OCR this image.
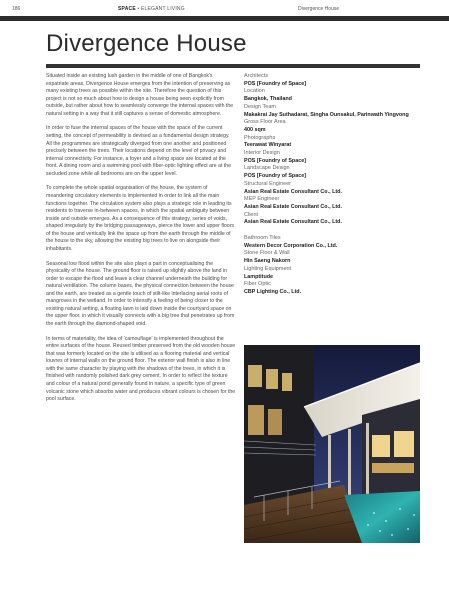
186	SPACE • ELEGANT LIVING	Divergence House
Divergence House

Situated inside an existing lush garden in the middle of one of Bangkok's expatriate areas, Divergence House emerges from the intention of preserving as many existing trees as possible within the site. Therefore the question of this project is not so much about how to design a house being seen explicitly from outside, but rather about how to seamlessly converge the internal spaces with the natural setting in a way that it still captures a sense of domestic atmosphere.

In order to fuse the internal spaces of the house with the space of the current setting, the concept of permeability is devised as a fundamental design strategy. All the programmes are strategically diverged from one another and positioned precisely between the trees. Their locations depend on the level of privacy and internal connectivity. For instance, a foyer and a living space are located at the front. A dining room and a swimming pool with fiber-optic lighting effect are at the secluded zone while all bedrooms are on the upper level.

To complete the whole spatial organisation of the house, the system of meandering circulatory elements is implemented in order to link all the main functions together. The circulation system also plays a strategic role in leading its residents to traverse in-between spaces, in which the spatial ambiguity between inside and outside emerges. As a consequence of this strategy, series of voids, shaped irregularly by the bridging passageways, pierce the lower and upper floors of the house and vertically link the space up from the earth through the middle of the house to the sky, allowing the existing big trees to live on alongside their inhabitants.

Seasonal low flood within the site also plays a part in conceptualising the physicality of the house. The ground floor is raised up slightly above the land in order to escape the flood and leave a clear channel underneath the building for natural ventilation. The column bases, the physical connection between the house and the earth, are treated as a gentle touch of stilt-like interlacing aerial roots of mangroves in the wetland. In order to intensify a feeling of being closer to the existing natural setting, a floating lawn is laid down inside the courtyard space on the upper floor, in which it visually connects with a big tree that penetrates up from the earth through the diamond-shaped void.

In terms of materiality, the idea of 'camouflage' is implemented throughout the entire surfaces of the house. Reused timber preserved from the old wooden house that was formerly located on the site is utilised as a flooring material and vertical louvres of internal walls on the ground floor. The exterior wall finish is also in line with the same character by playing with the shadows of the trees, in which it is finished with randomly polished dark grey cement. In order to reflect the texture and colour of a natural pond generally found in nature, a specific type of green volcanic stone which absorbs water and produces vibrant colours is chosen for the pool surface.

Architects
POS [Foundry of Space]
Location
Bangkok, Thailand
Design Team
Makakrai Jay Suthadarat, Singha Ounsakul, Parinwath Yingvong
Gross Floor Area
400 sqm
Photographs
Teerawat Winyarat
Interior Design
POS [Foundry of Space]
Landscape Design
POS [Foundry of Space]
Structural Engineer
Asian Real Estate Consultant Co., Ltd.
MEP Engineer
Asian Real Estate Consultant Co., Ltd.
Client
Asian Real Estate Consultant Co., Ltd.
Bathroom Tiles
Western Decor Corporation Co., Ltd.
Stone Floor & Wall
Hin Saeng Nakorn
Lighting Equipment
Lamptitude
Fiber Optic
CBP Lighting Co., Ltd.
